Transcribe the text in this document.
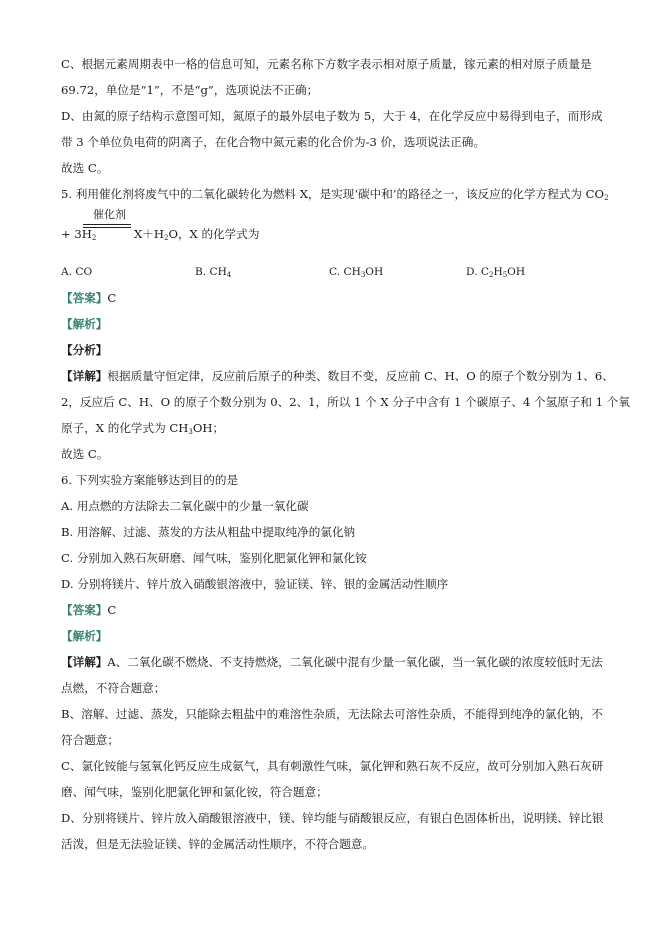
C、根据元素周期表中一格的信息可知，元素名称下方数字表示相对原子质量，镓元素的相对原子质量是
69.72，单位是“1”，不是“g”，选项说法不正确；
D、由氮的原子结构示意图可知，氮原子的最外层电子数为 5，大于 4，在化学反应中易得到电子，而形成
带 3 个单位负电荷的阴离子，在化合物中氮元素的化合价为-3 价，选项说法正确。
故选 C。
5. 利用催化剂将废气中的二氧化碳转化为燃料 X，是实现‘碳中和’的路径之一，该反应的化学方程式为 $CO_2$
催化剂
+ $3H_2$	$X+H_2O$，X 的化学式为
A. CO	B. $CH_4$	C. $CH_3OH$	D. $C_2H_5OH$
【答案】C
【解析】
【分析】
【详解】根据质量守恒定律，反应前后原子的种类、数目不变，反应前 C、H、O 的原子个数分别为 1、6、
2，反应后 C、H、O 的原子个数分别为 0、2、1，所以 1 个 X 分子中含有 1 个碳原子、4 个氢原子和 1 个氧
原子，X 的化学式为 $CH_3OH$；
故选 C。
6. 下列实验方案能够达到目的的是
A. 用点燃的方法除去二氧化碳中的少量一氧化碳
B. 用溶解、过滤、蒸发的方法从粗盐中提取纯净的氯化钠
C. 分别加入熟石灰研磨、闻气味，鉴别化肥氯化钾和氯化铵
D. 分别将镁片、锌片放入硝酸银溶液中，验证镁、锌、银的金属活动性顺序
【答案】C
【解析】
【详解】A、二氧化碳不燃烧、不支持燃烧，二氧化碳中混有少量一氧化碳，当一氧化碳的浓度较低时无法
点燃，不符合题意；
B、溶解、过滤、蒸发，只能除去粗盐中的难溶性杂质，无法除去可溶性杂质，不能得到纯净的氯化钠，不
符合题意；
C、氯化铵能与氢氧化钙反应生成氨气，具有刺激性气味，氯化钾和熟石灰不反应，故可分别加入熟石灰研
磨、闻气味，鉴别化肥氯化钾和氯化铵，符合题意；
D、分别将镁片、锌片放入硝酸银溶液中，镁、锌均能与硝酸银反应，有银白色固体析出，说明镁、锌比银
活泼，但是无法验证镁、锌的金属活动性顺序，不符合题意。
